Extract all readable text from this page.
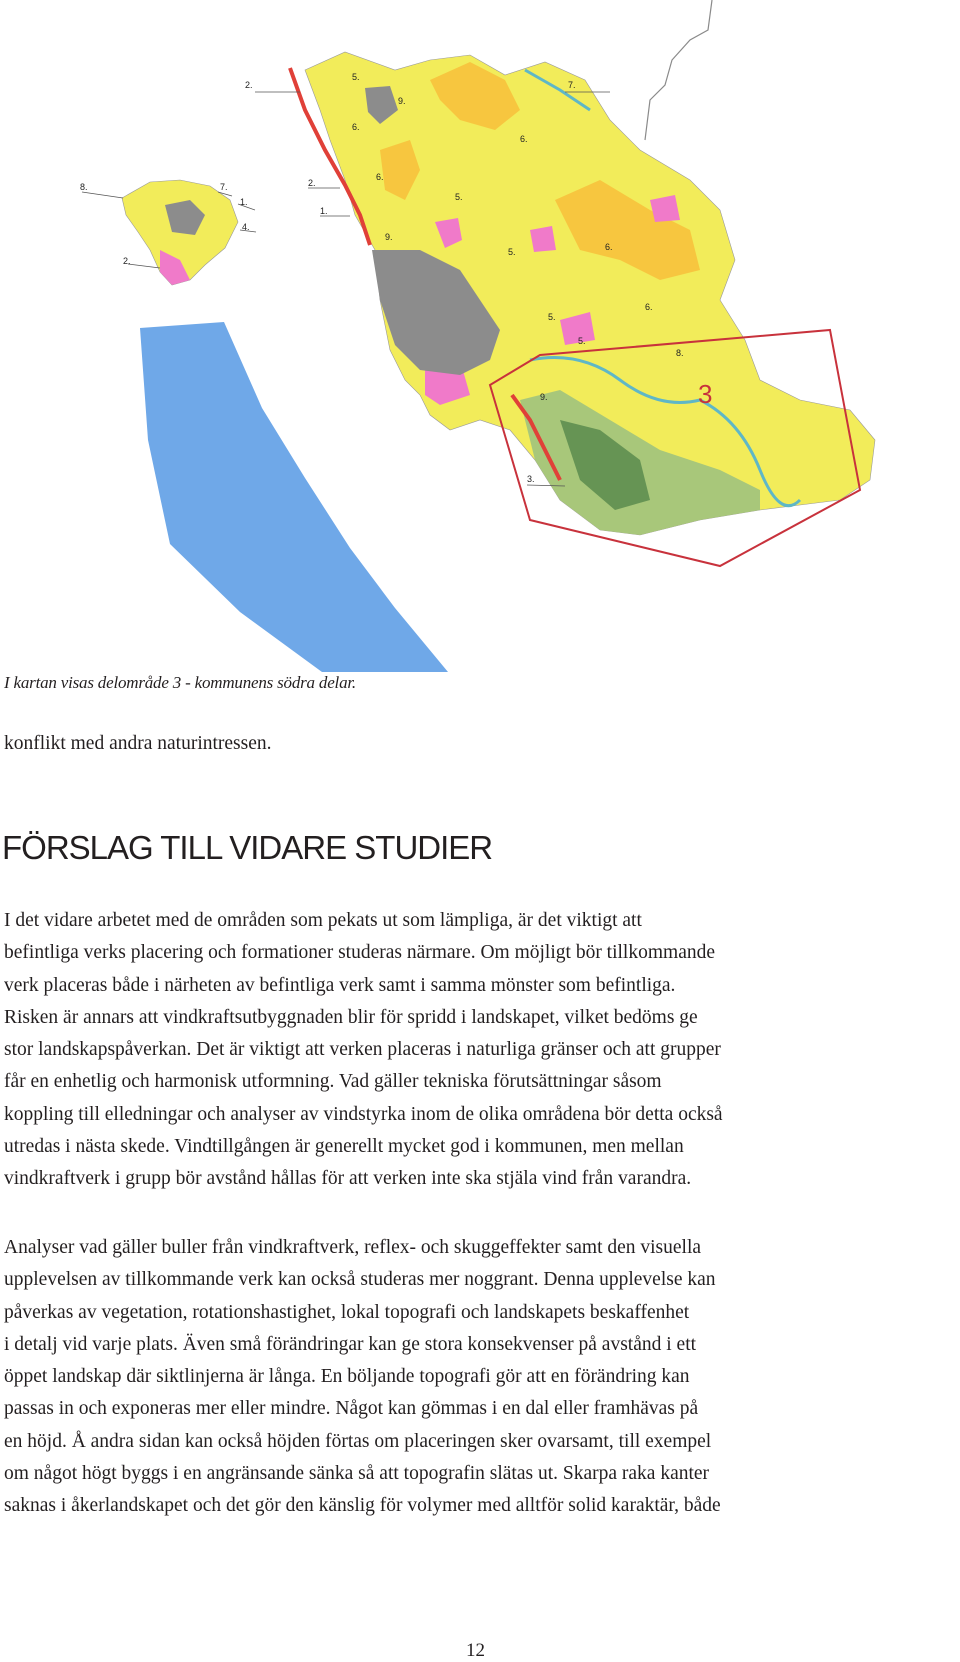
3
2.	7.
8.	7.
1.
4.
2.
2.
1.
5.
9.
6.
6.
6.
9.
5.
5.
6.
6.
5.
5.
8.
9.
3.
I kartan visas delområde 3 - kommunens södra delar.
konflikt med andra naturintressen.
FÖRSLAG TILL VIDARE STUDIER

I det vidare arbetet med de områden som pekats ut som lämpliga, är det viktigt att
befintliga verks placering och formationer studeras närmare. Om möjligt bör tillkommande
verk placeras både i närheten av befintliga verk samt i samma mönster som befintliga.
Risken är annars att vindkraftsutbyggnaden blir för spridd i landskapet, vilket bedöms ge
stor landskapspåverkan. Det är viktigt att verken placeras i naturliga gränser och att grupper
får en enhetlig och harmonisk utformning. Vad gäller tekniska förutsättningar såsom
koppling till elledningar och analyser av vindstyrka inom de olika områdena bör detta också
utredas i nästa skede. Vindtillgången är generellt mycket god i kommunen, men mellan
vindkraftverk i grupp bör avstånd hållas för att verken inte ska stjäla vind från varandra.

Analyser vad gäller buller från vindkraftverk, reflex- och skuggeffekter samt den visuella
upplevelsen av tillkommande verk kan också studeras mer noggrant. Denna upplevelse kan
påverkas av vegetation, rotationshastighet, lokal topografi och landskapets beskaffenhet
i detalj vid varje plats. Även små förändringar kan ge stora konsekvenser på avstånd i ett
öppet landskap där siktlinjerna är långa. En böljande topografi gör att en förändring kan
passas in och exponeras mer eller mindre. Något kan gömmas i en dal eller framhävas på
en höjd. Å andra sidan kan också höjden förtas om placeringen sker ovarsamt, till exempel
om något högt byggs i en angränsande sänka så att topografin slätas ut. Skarpa raka kanter
saknas i åkerlandskapet och det gör den känslig för volymer med alltför solid karaktär, både

12
